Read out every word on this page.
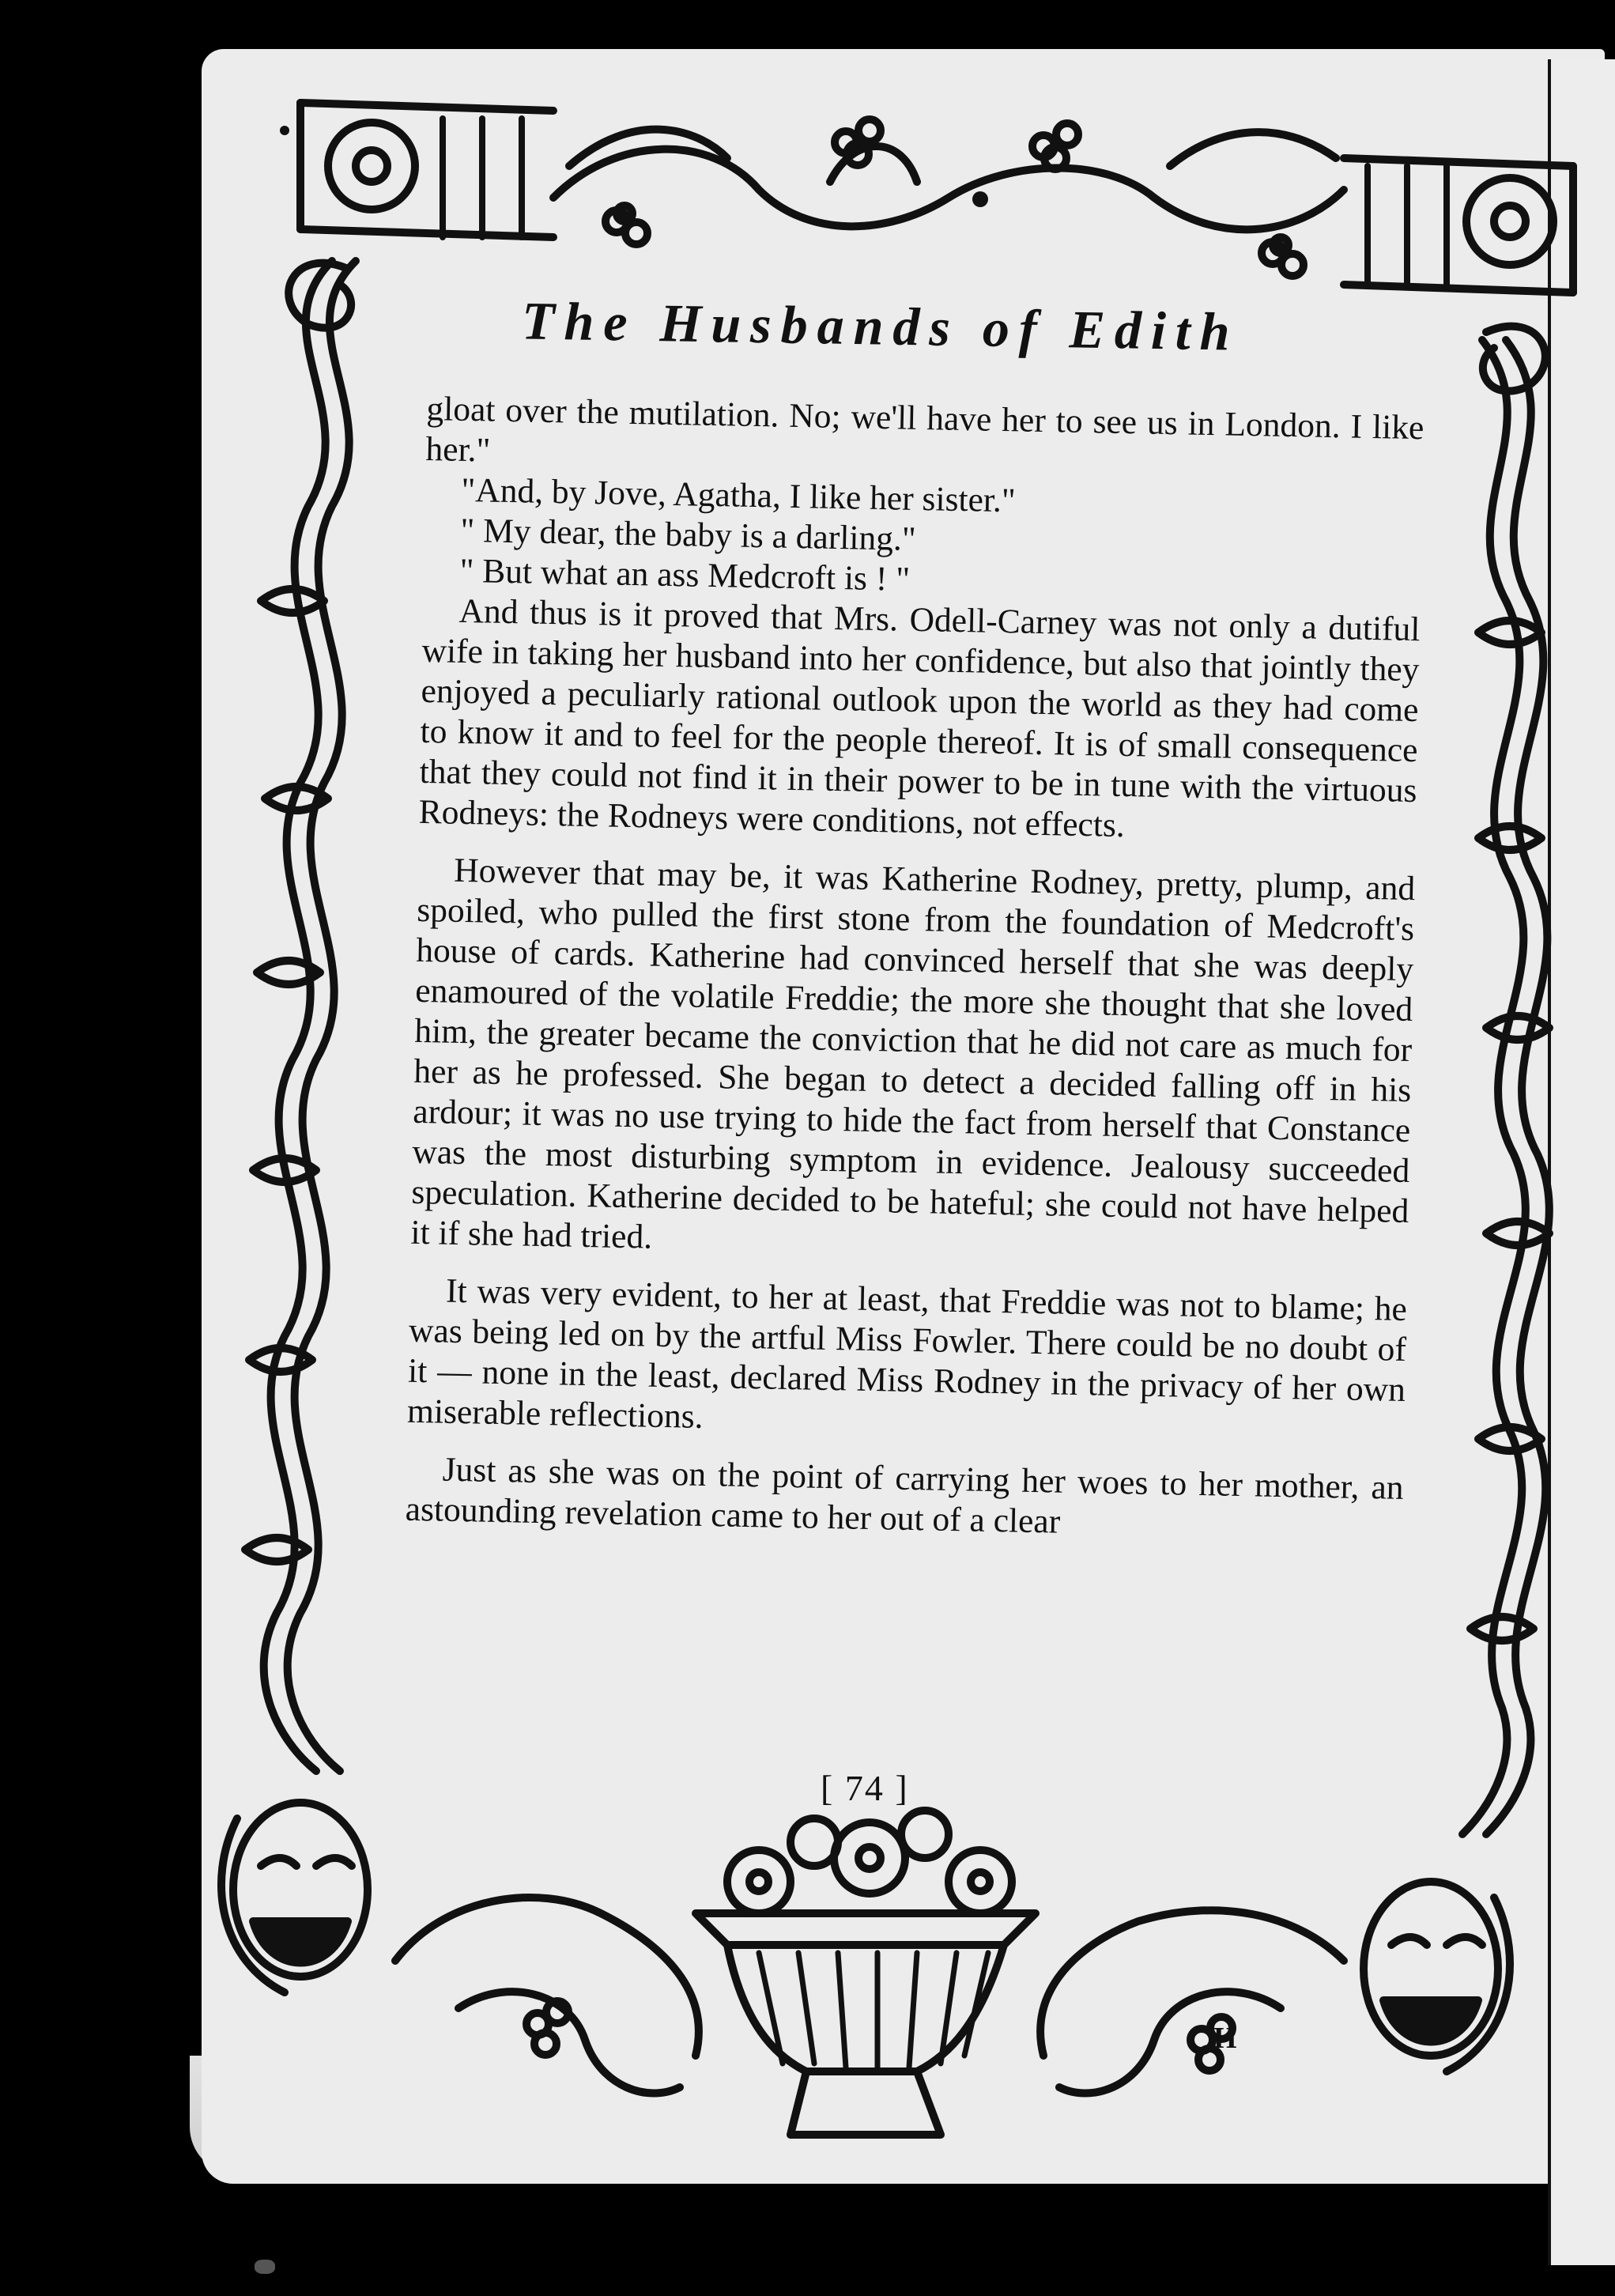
The Husbands of Edith

gloat over the mutilation. No; we'll have her to see us in London. I like her."

"And, by Jove, Agatha, I like her sister."

" My dear, the baby is a darling."

" But what an ass Medcroft is ! "

And thus is it proved that Mrs. Odell-Carney was not only a dutiful wife in taking her husband into her confidence, but also that jointly they enjoyed a peculiarly rational outlook upon the world as they had come to know it and to feel for the people thereof. It is of small consequence that they could not find it in their power to be in tune with the virtuous Rodneys: the Rodneys were conditions, not effects.

However that may be, it was Katherine Rodney, pretty, plump, and spoiled, who pulled the first stone from the foundation of Medcroft's house of cards. Katherine had convinced herself that she was deeply enamoured of the volatile Freddie; the more she thought that she loved him, the greater became the conviction that he did not care as much for her as he professed. She began to detect a decided falling off in his ardour; it was no use trying to hide the fact from herself that Constance was the most disturbing symptom in evidence. Jealousy succeeded speculation. Katherine decided to be hateful; she could not have helped it if she had tried.

It was very evident, to her at least, that Freddie was not to blame; he was being led on by the artful Miss Fowler. There could be no doubt of it — none in the least, declared Miss Rodney in the privacy of her own miserable reflections.

Just as she was on the point of carrying her woes to her mother, an astounding revelation came to her out of a clear

[ 74 ]
H
